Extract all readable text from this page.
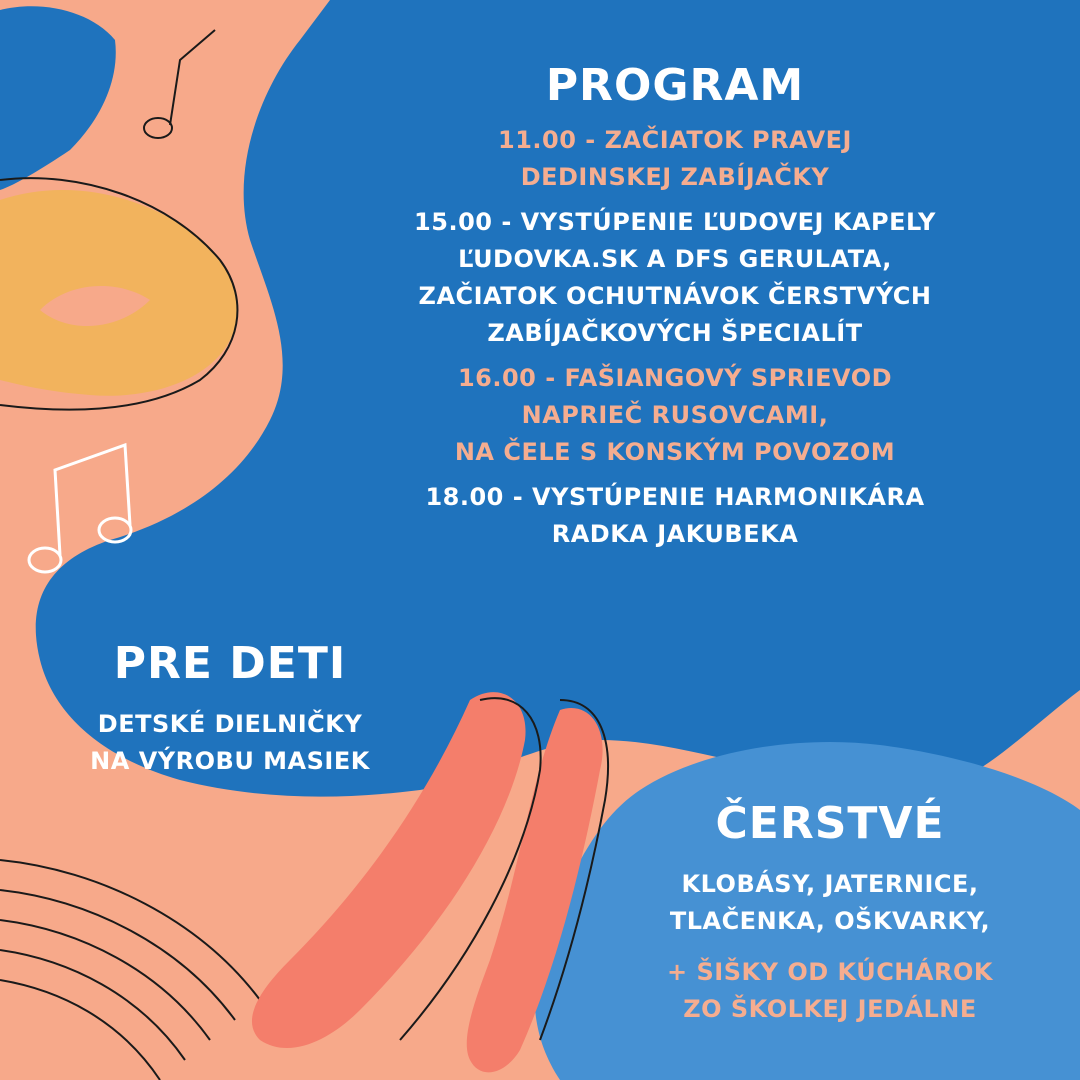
PROGRAM
11.00 - ZAČIATOK PRAVEJ
DEDINSKEJ ZABÍJAČKY
15.00 - VYSTÚPENIE ĽUDOVEJ KAPELY
ĽUDOVKA.SK A DFS GERULATA,
ZAČIATOK OCHUTNÁVOK ČERSTVÝCH
ZABÍJAČKOVÝCH ŠPECIALÍT
16.00 - FAŠIANGOVÝ SPRIEVOD
NAPRIEČ RUSOVCAMI,
NA ČELE S KONSKÝM POVOZOM
18.00 - VYSTÚPENIE HARMONIKÁRA
RADKA JAKUBEKA
PRE DETI
DETSKÉ DIELNIČKY
NA VÝROBU MASIEK
ČERSTVÉ
KLOBÁSY, JATERNICE,
TLAČENKA, OŠKVARKY,
+ ŠIŠKY OD KÚCHÁROK
ZO ŠKOLKEJ JEDÁLNE
